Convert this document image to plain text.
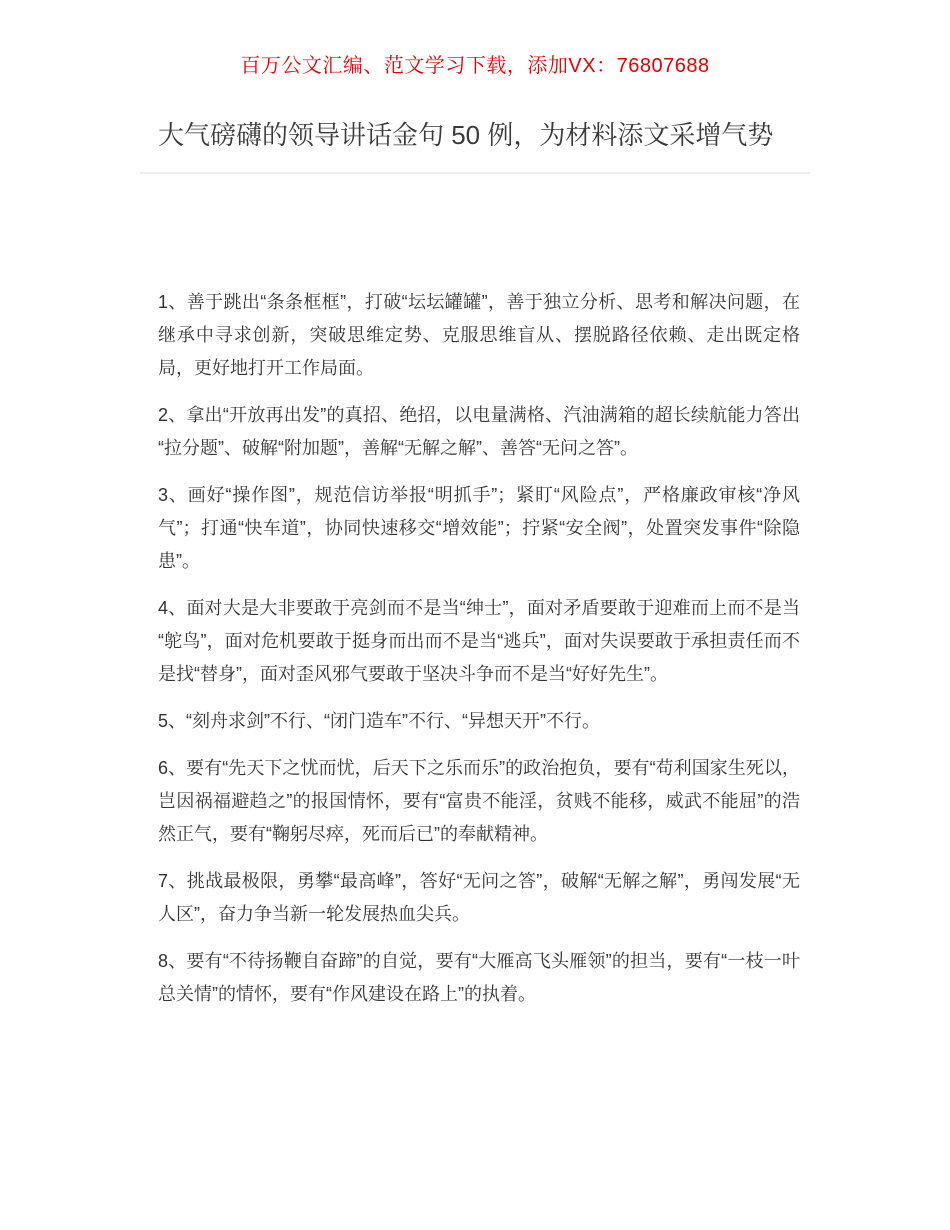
百万公文汇编、范文学习下载，添加VX：76807688
大气磅礴的领导讲话金句 50 例，为材料添文采增气势

1、善于跳出“条条框框”，打破“坛坛罐罐”，善于独立分析、思考和解决问题，在继承中寻求创新，突破思维定势、克服思维盲从、摆脱路径依赖、走出既定格局，更好地打开工作局面。

2、拿出“开放再出发”的真招、绝招，以电量满格、汽油满箱的超长续航能力答出“拉分题”、破解“附加题”，善解“无解之解”、善答“无问之答”。

3、画好“操作图”，规范信访举报“明抓手”；紧盯“风险点”，严格廉政审核“净风气”；打通“快车道”，协同快速移交“增效能”；拧紧“安全阀”，处置突发事件“除隐患”。

4、面对大是大非要敢于亮剑而不是当“绅士”，面对矛盾要敢于迎难而上而不是当“鸵鸟”，面对危机要敢于挺身而出而不是当“逃兵”，面对失误要敢于承担责任而不是找“替身”，面对歪风邪气要敢于坚决斗争而不是当“好好先生”。

5、“刻舟求剑”不行、“闭门造车”不行、“异想天开”不行。

6、要有“先天下之忧而忧，后天下之乐而乐”的政治抱负，要有“苟利国家生死以，岂因祸福避趋之”的报国情怀，要有“富贵不能淫，贫贱不能移，威武不能屈”的浩然正气，要有“鞠躬尽瘁，死而后已”的奉献精神。

7、挑战最极限，勇攀“最高峰”，答好“无问之答”，破解“无解之解”，勇闯发展“无人区”，奋力争当新一轮发展热血尖兵。

8、要有“不待扬鞭自奋蹄”的自觉，要有“大雁高飞头雁领”的担当，要有“一枝一叶总关情”的情怀，要有“作风建设在路上”的执着。
